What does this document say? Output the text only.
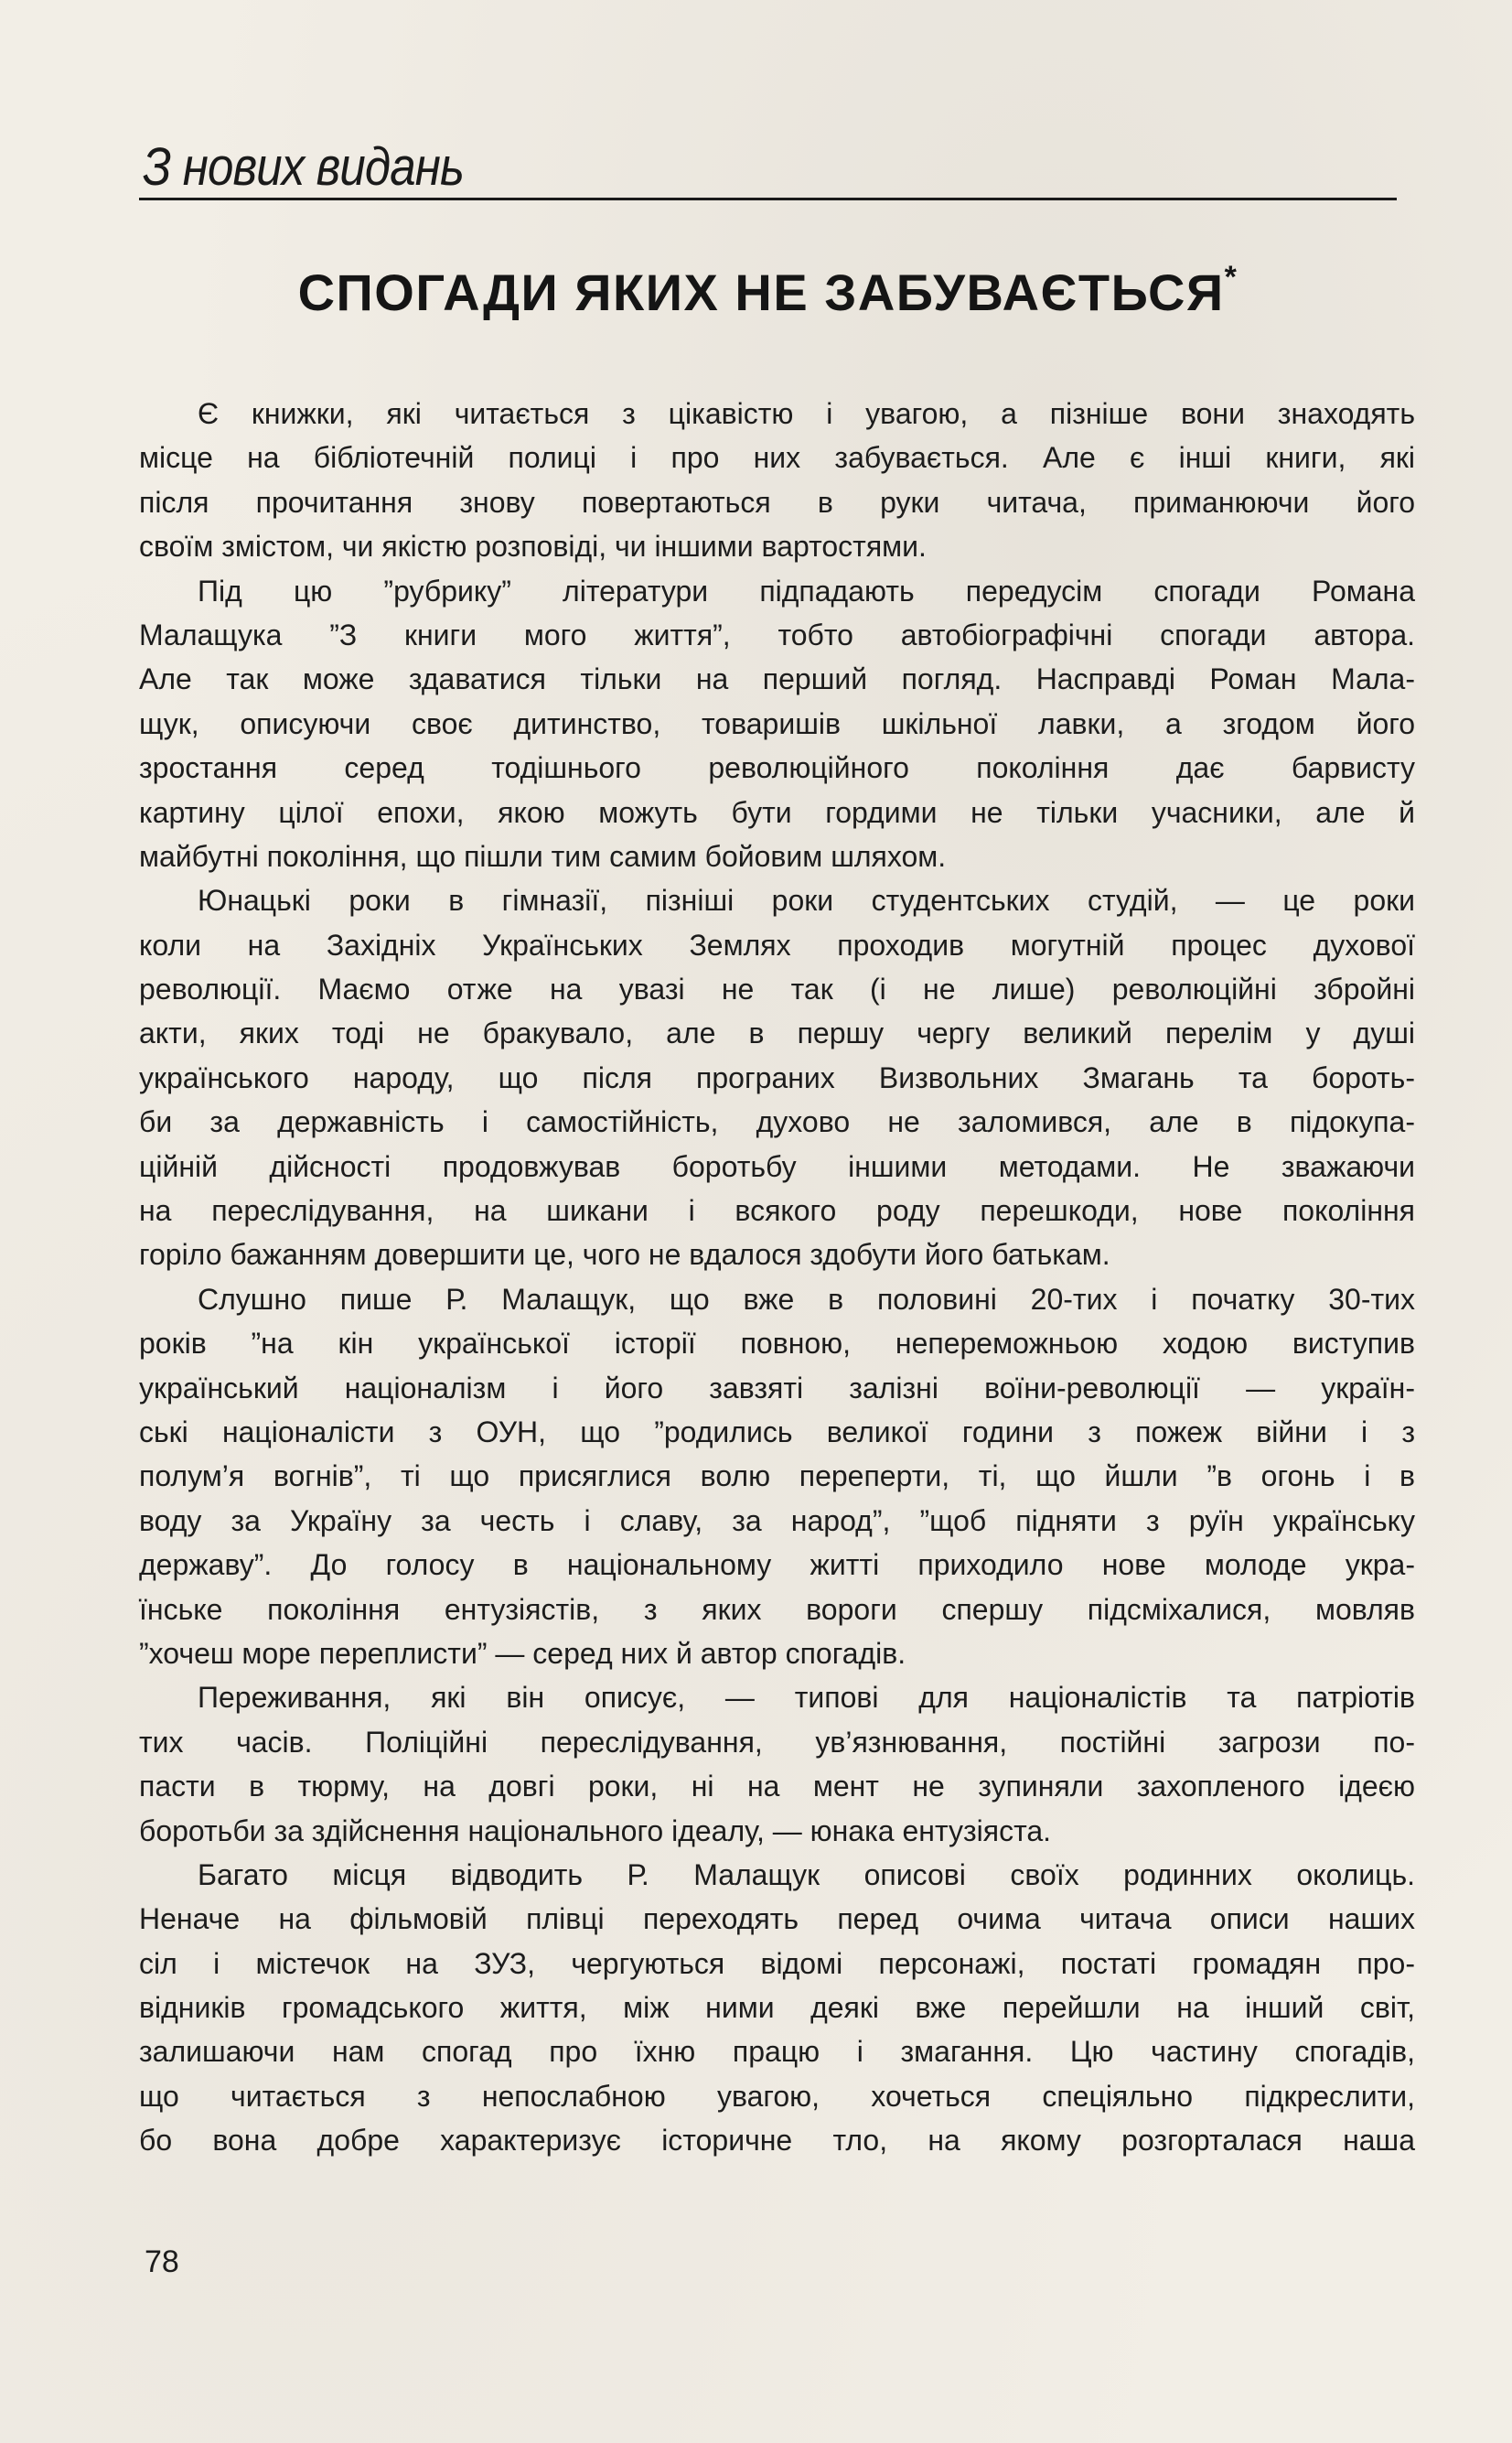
З нових видань
СПОГАДИ ЯКИХ НЕ ЗАБУВАЄТЬСЯ*
Є книжки, які читається з цікавістю і увагою, а пізніше вони знаходять
місце на бібліотечній полиці і про них забувається. Але є інші книги, які
після прочитання знову повертаються в руки читача, приманюючи його
своїм змістом, чи якістю розповіді, чи іншими вартостями.
Під цю ”рубрику” літератури підпадають передусім спогади Романа
Малащука ”З книги мого життя”, тобто автобіографічні спогади автора.
Але так може здаватися тільки на перший погляд. Насправді Роман Мала-
щук, описуючи своє дитинство, товаришів шкільної лавки, а згодом його
зростання серед тодішнього революційного покоління дає барвисту
картину цілої епохи, якою можуть бути гордими не тільки учасники, але й
майбутні покоління, що пішли тим самим бойовим шляхом.
Юнацькі роки в гімназії, пізніші роки студентських студій, — це роки
коли на Західніх Українських Землях проходив могутній процес духової
революції. Маємо отже на увазі не так (і не лише) революційні збройні
акти, яких тоді не бракувало, але в першу чергу великий перелім у душі
українського народу, що після програних Визвольних Змагань та бороть-
би за державність і самостійність, духово не заломився, але в підокупа-
ційній дійсності продовжував боротьбу іншими методами. Не зважаючи
на переслідування, на шикани і всякого роду перешкоди, нове покоління
горіло бажанням довершити це, чого не вдалося здобути його батькам.
Слушно пише Р. Малащук, що вже в половині 20-тих і початку 30-тих
років ”на кін української історії повною, непереможньою ходою виступив
український націоналізм і його завзяті залізні воїни-революції — україн-
ські націоналісти з ОУН, що ”родились великої години з пожеж війни і з
полум’я вогнів”, ті що присяглися волю переперти, ті, що йшли ”в огонь і в
воду за Україну за честь і славу, за народ”, ”щоб підняти з руїн українську
державу”. До голосу в національному житті приходило нове молоде укра-
їнське покоління ентузіястів, з яких вороги спершу підсміхалися, мовляв
”хочеш море переплисти” — серед них й автор спогадів.
Переживання, які він описує, — типові для націоналістів та патріотів
тих часів. Поліційні переслідування, ув’язнювання, постійні загрози по-
пасти в тюрму, на довгі роки, ні на мент не зупиняли захопленого ідеєю
боротьби за здійснення національного ідеалу, — юнака ентузіяста.
Багато місця відводить Р. Малащук описові своїх родинних околиць.
Неначе на фільмовій плівці переходять перед очима читача описи наших
сіл і містечок на ЗУЗ, чергуються відомі персонажі, постаті громадян про-
відників громадського життя, між ними деякі вже перейшли на інший світ,
залишаючи нам спогад про їхню працю і змагання. Цю частину спогадів,
що читається з непослабною увагою, хочеться спеціяльно підкреслити,
бо вона добре характеризує історичне тло, на якому розгорталася наша
78
